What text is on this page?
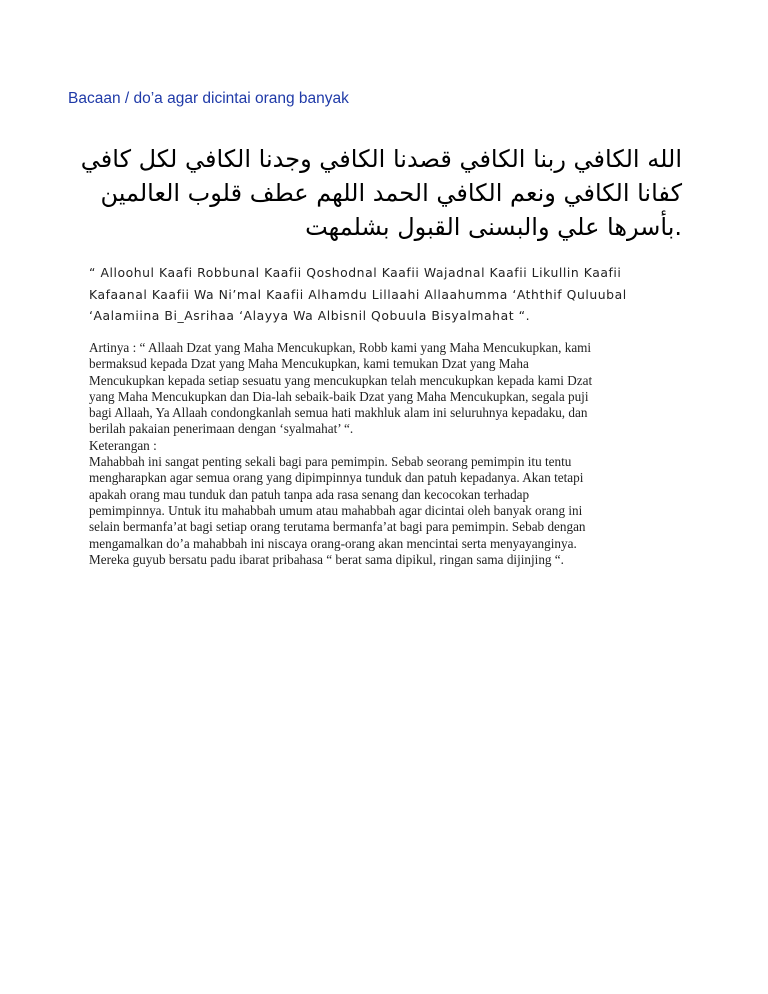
Bacaan / do’a agar dicintai orang banyak

الله الكافي ربنا الكافي قصدنا الكافي وجدنا الكافي لكل كافي

كفانا الكافي ونعم الكافي الحمد اللهم عطف قلوب العالمين

.بأسرها علي والبسنى القبول بشلمهت

“ Alloohul Kaafi Robbunal Kaafii Qoshodnal Kaafii Wajadnal Kaafii Likullin Kaafii

Kafaanal Kaafii Wa Ni’mal Kaafii Alhamdu Lillaahi Allaahumma ‘Aththif Quluubal

‘Aalamiina Bi_Asrihaa ‘Alayya Wa Albisnil Qobuula Bisyalmahat “.

Artinya : “ Allaah Dzat yang Maha Mencukupkan, Robb kami yang Maha Mencukupkan, kami

bermaksud kepada Dzat yang Maha Mencukupkan, kami temukan Dzat yang Maha

Mencukupkan kepada setiap sesuatu yang mencukupkan telah mencukupkan kepada kami Dzat

yang Maha Mencukupkan dan Dia-lah sebaik-baik Dzat yang Maha Mencukupkan, segala puji

bagi Allaah, Ya Allaah condongkanlah semua hati makhluk alam ini seluruhnya kepadaku, dan

berilah pakaian penerimaan dengan ‘syalmahat’ “.

Keterangan :

Mahabbah ini sangat penting sekali bagi para pemimpin. Sebab seorang pemimpin itu tentu

mengharapkan agar semua orang yang dipimpinnya tunduk dan patuh kepadanya. Akan tetapi

apakah orang mau tunduk dan patuh tanpa ada rasa senang dan kecocokan terhadap

pemimpinnya. Untuk itu mahabbah umum atau mahabbah agar dicintai oleh banyak orang ini

selain bermanfa’at bagi setiap orang terutama bermanfa’at bagi para pemimpin. Sebab dengan

mengamalkan do’a mahabbah ini niscaya orang-orang akan mencintai serta menyayanginya.

Mereka guyub bersatu padu ibarat pribahasa “ berat sama dipikul, ringan sama dijinjing “.
